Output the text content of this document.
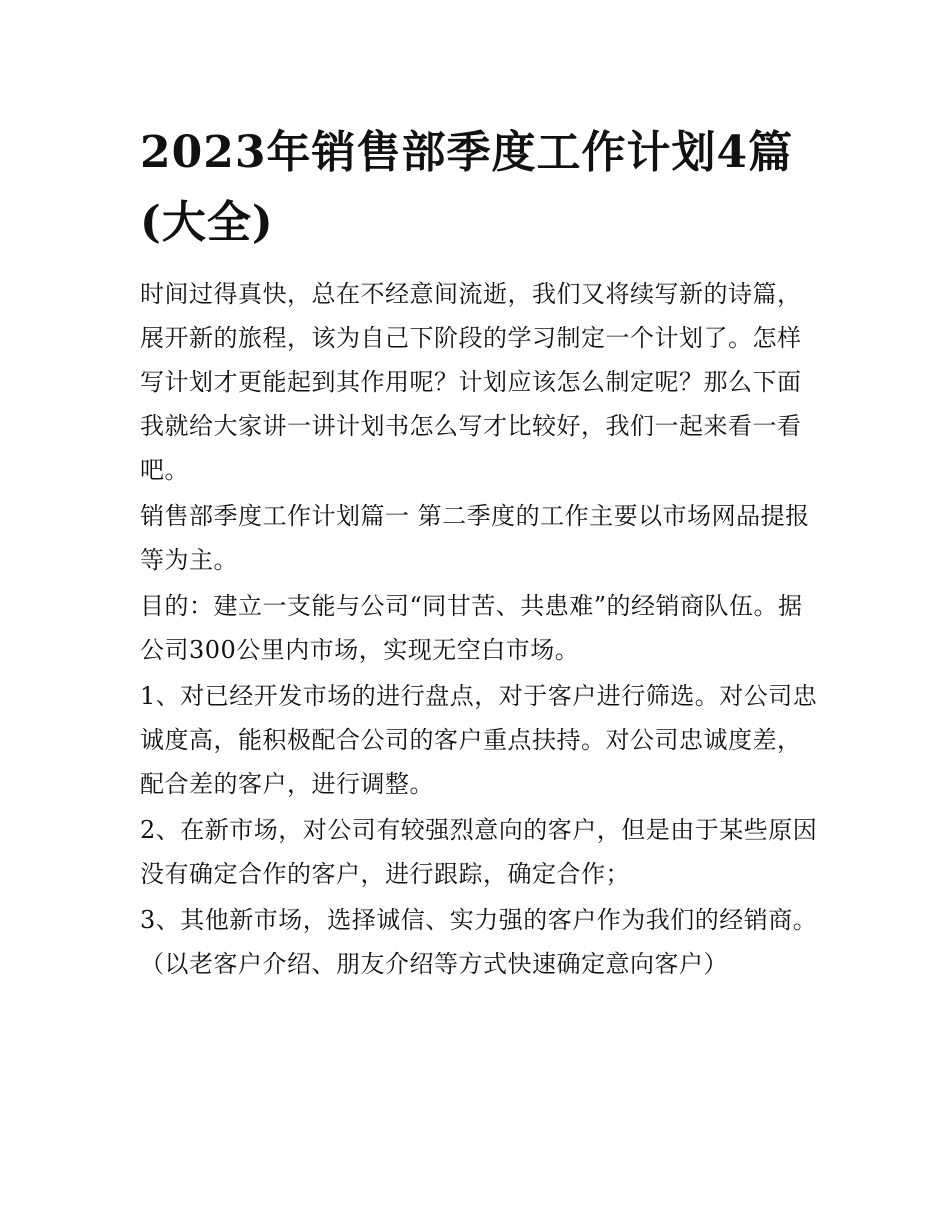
2023年销售部季度工作计划4篇(大全)

时间过得真快，总在不经意间流逝，我们又将续写新的诗篇，展开新的旅程，该为自己下阶段的学习制定一个计划了。怎样写计划才更能起到其作用呢？计划应该怎么制定呢？那么下面我就给大家讲一讲计划书怎么写才比较好，我们一起来看一看吧。

销售部季度工作计划篇一 第二季度的工作主要以市场网品提报等为主。

目的：建立一支能与公司“同甘苦、共患难”的经销商队伍。据公司300公里内市场，实现无空白市场。

1、对已经开发市场的进行盘点，对于客户进行筛选。对公司忠诚度高，能积极配合公司的客户重点扶持。对公司忠诚度差，配合差的客户，进行调整。

2、在新市场，对公司有较强烈意向的客户，但是由于某些原因没有确定合作的客户，进行跟踪，确定合作；

3、其他新市场，选择诚信、实力强的客户作为我们的经销商。（以老客户介绍、朋友介绍等方式快速确定意向客户）
